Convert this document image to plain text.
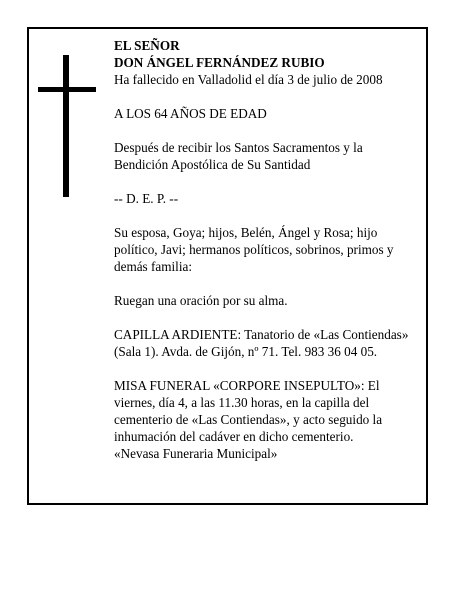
EL SEÑOR
DON ÁNGEL FERNÁNDEZ RUBIO
Ha fallecido en Valladolid el día 3 de julio de 2008

A LOS 64 AÑOS DE EDAD

Después de recibir los Santos Sacramentos y la
Bendición Apostólica de Su Santidad

-- D. E. P. --

Su esposa, Goya; hijos, Belén, Ángel y Rosa; hijo
político, Javi; hermanos políticos, sobrinos, primos y
demás familia:

Ruegan una oración por su alma.

CAPILLA ARDIENTE: Tanatorio de «Las Contiendas»
(Sala 1). Avda. de Gijón, nº 71. Tel. 983 36 04 05.

MISA FUNERAL «CORPORE INSEPULTO»: El
viernes, día 4, a las 11.30 horas, en la capilla del
cementerio de «Las Contiendas», y acto seguido la
inhumación del cadáver en dicho cementerio.
«Nevasa Funeraria Municipal»
